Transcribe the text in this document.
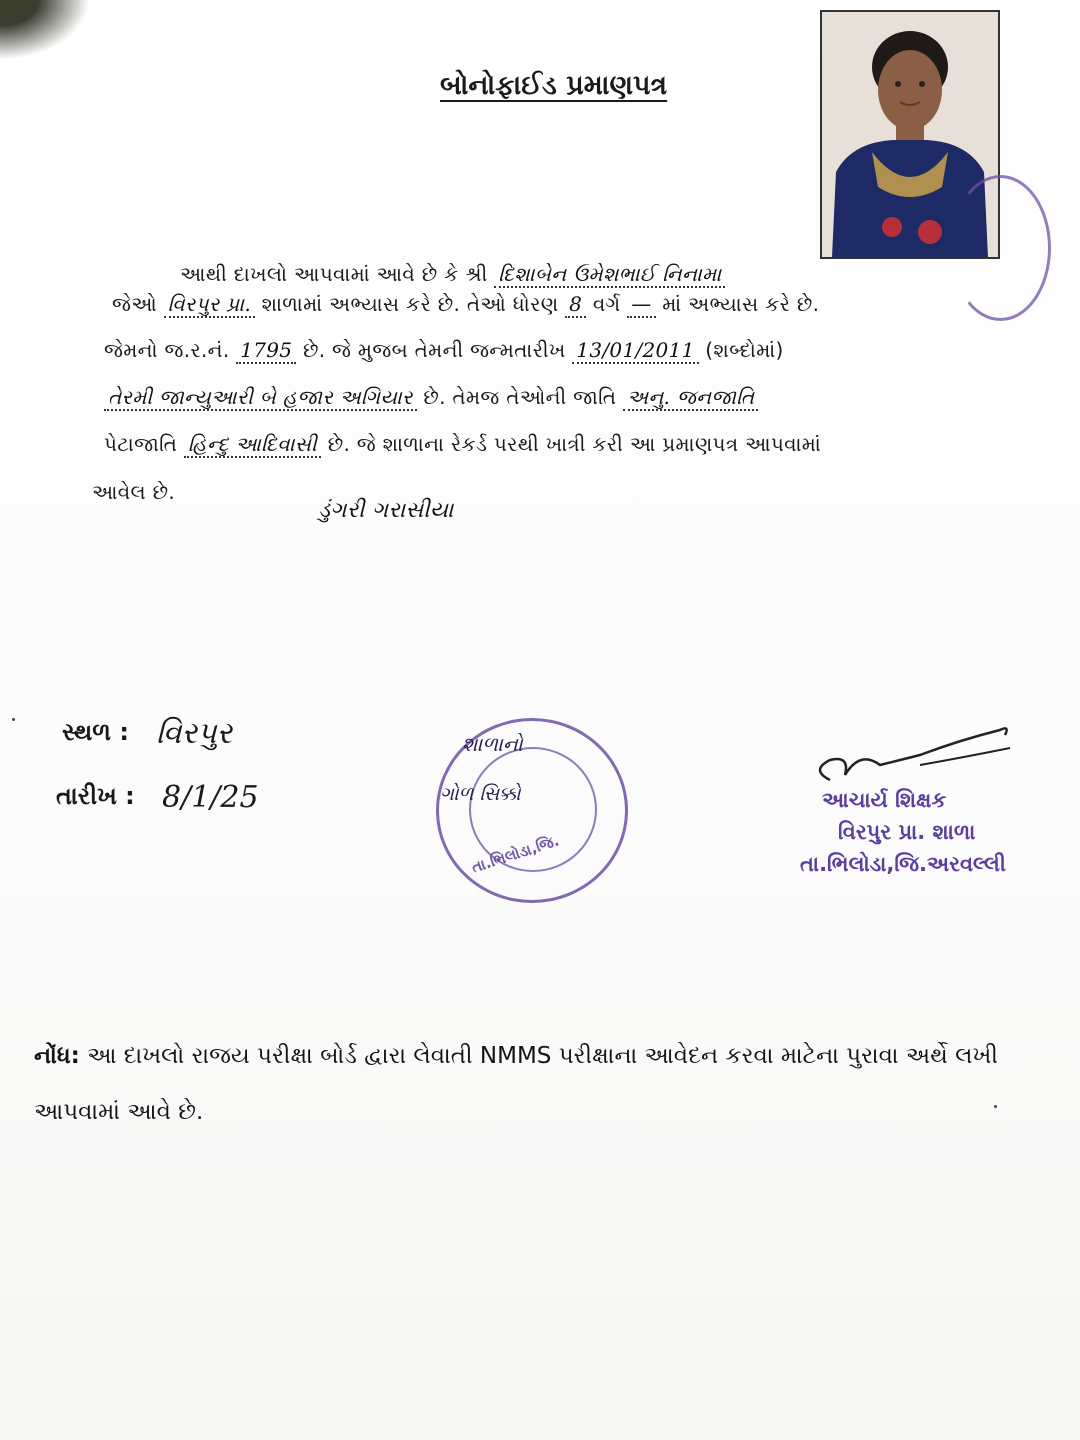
બોનોફાઈડ પ્રમાણપત્ર
આથી દાખલો આપવામાં આવે છે કે શ્રી દિશાબેન ઉમેશભાઈ નિનામા
જેઓ વિરપુર પ્રા. શાળામાં અભ્યાસ કરે છે. તેઓ ધોરણ 8 વર્ગ — માં અભ્યાસ કરે છે.
જેમનો જ.ર.નં. 1795 છે. જે મુજબ તેમની જન્મતારીખ 13/01/2011 (શબ્દોમાં)
તેરમી જાન્યુઆરી બે હજાર અગિયાર છે. તેમજ તેઓની જાતિ અનુ. જનજાતિ
પેટાજાતિ હિન્દુ આદિવાસી છે. જે શાળાના રેકર્ડ પરથી ખાત્રી કરી આ પ્રમાણપત્ર આપવામાં
આવેલ છે.
ડુંગરી ગરાસીયા
સ્થળ : વિરપુર
તારીખ : 8/1/25
શાળાનો
ગોળ સિક્કો
તા.ભિલોડા,જિ.
આચાર્ય શિક્ષક
વિરપુર પ્રા. શાળા
તા.ભિલોડા,જિ.અરવલ્લી
નોંધ: આ દાખલો રાજય પરીક્ષા બોર્ડ દ્વારા લેવાતી NMMS પરીક્ષાના આવેદન કરવા માટેના પુરાવા અર્થે લખી આપવામાં આવે છે.
